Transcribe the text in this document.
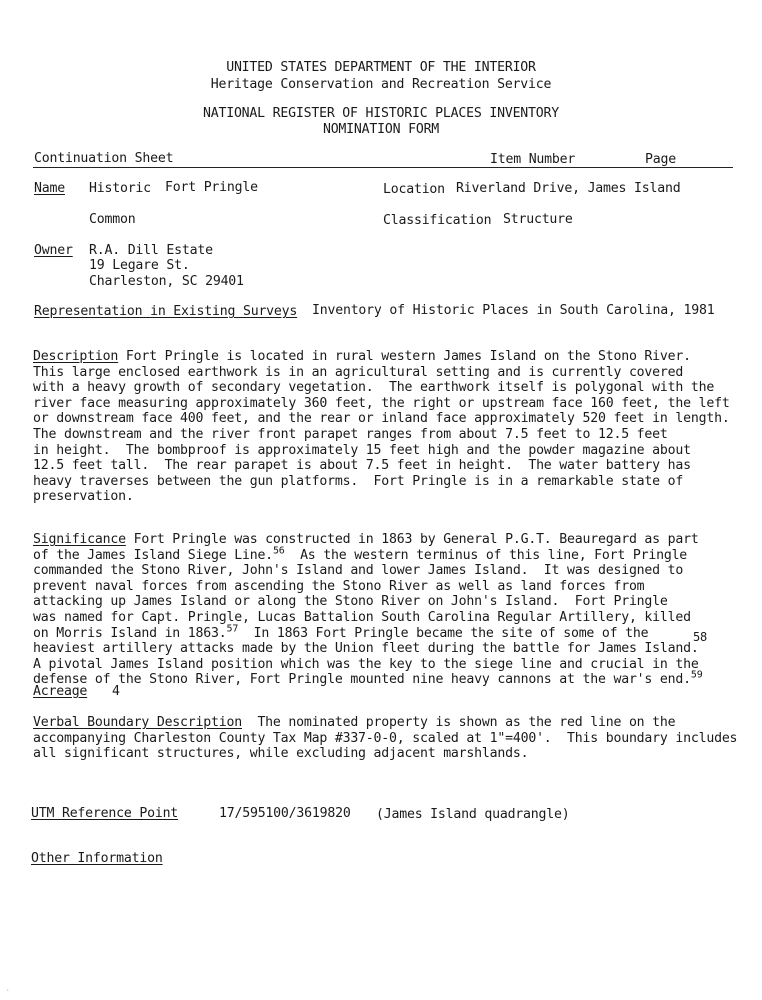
UNITED STATES DEPARTMENT OF THE INTERIOR
Heritage Conservation and Recreation Service
NATIONAL REGISTER OF HISTORIC PLACES INVENTORY
NOMINATION FORM
Continuation Sheet	Item Number	Page
Name Historic Fort Pringle	Location Riverland Drive, James Island
Common	Classification Structure
Owner R.A. Dill Estate
19 Legare St.
Charleston, SC 29401
Representation in Existing Surveys Inventory of Historic Places in South Carolina, 1981
Description Fort Pringle is located in rural western James Island on the Stono River.
This large enclosed earthwork is in an agricultural setting and is currently covered
with a heavy growth of secondary vegetation.  The earthwork itself is polygonal with the
river face measuring approximately 360 feet, the right or upstream face 160 feet, the left
or downstream face 400 feet, and the rear or inland face approximately 520 feet in length.
The downstream and the river front parapet ranges from about 7.5 feet to 12.5 feet
in height.  The bombproof is approximately 15 feet high and the powder magazine about
12.5 feet tall.  The rear parapet is about 7.5 feet in height.  The water battery has
heavy traverses between the gun platforms.  Fort Pringle is in a remarkable state of
preservation.
Significance Fort Pringle was constructed in 1863 by General P.G.T. Beauregard as part
of the James Island Siege Line.$^{56}$  As the western terminus of this line, Fort Pringle
commanded the Stono River, John's Island and lower James Island.  It was designed to
prevent naval forces from ascending the Stono River as well as land forces from
attacking up James Island or along the Stono River on John's Island.  Fort Pringle
was named for Capt. Pringle, Lucas Battalion South Carolina Regular Artillery, killed
on Morris Island in 1863.57  In 1863 Fort Pringle became the site of some of the
heaviest artillery attacks made by the Union fleet during the battle for James Island.
A pivotal James Island position which was the key to the siege line and crucial in the
defense of the Stono River, Fort Pringle mounted nine heavy cannons at the war's end.$^{59}$
58
Acreage 4
Verbal Boundary Description  The nominated property is shown as the red line on the
accompanying Charleston County Tax Map #337-0-0, scaled at 1"=400'.  This boundary includes
all significant structures, while excluding adjacent marshlands.
UTM Reference Point	17/595100/3619820 (James Island quadrangle)
Other Information
·
